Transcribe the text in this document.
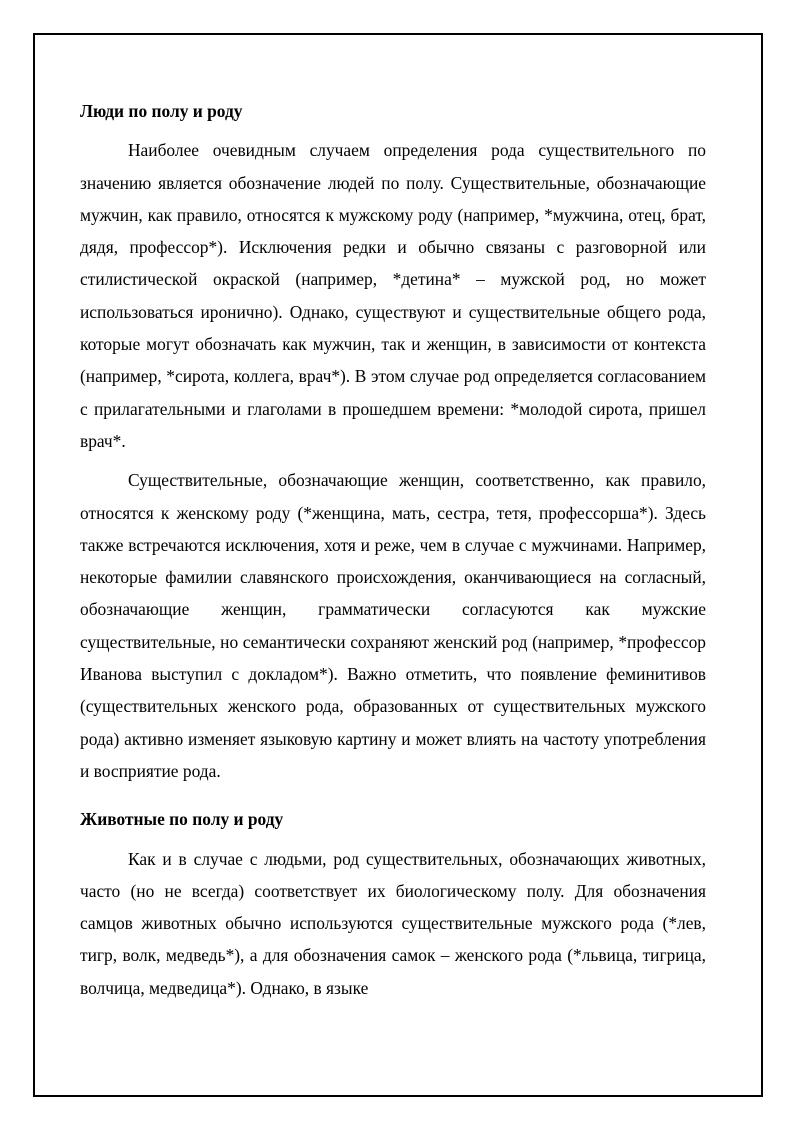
Люди по полу и роду

Наиболее очевидным случаем определения рода существительного по значению является обозначение людей по полу. Существительные, обозначающие мужчин, как правило, относятся к мужскому роду (например, *мужчина, отец, брат, дядя, профессор*). Исключения редки и обычно связаны с разговорной или стилистической окраской (например, *детина* – мужской род, но может использоваться иронично). Однако, существуют и существительные общего рода, которые могут обозначать как мужчин, так и женщин, в зависимости от контекста (например, *сирота, коллега, врач*). В этом случае род определяется согласованием с прилагательными и глаголами в прошедшем времени: *молодой сирота, пришел врач*.

Существительные, обозначающие женщин, соответственно, как правило, относятся к женскому роду (*женщина, мать, сестра, тетя, профессорша*). Здесь также встречаются исключения, хотя и реже, чем в случае с мужчинами. Например, некоторые фамилии славянского происхождения, оканчивающиеся на согласный, обозначающие женщин, грамматически согласуются как мужские существительные, но семантически сохраняют женский род (например, *профессор Иванова выступил с докладом*). Важно отметить, что появление феминитивов (существительных женского рода, образованных от существительных мужского рода) активно изменяет языковую картину и может влиять на частоту употребления и восприятие рода.

Животные по полу и роду

Как и в случае с людьми, род существительных, обозначающих животных, часто (но не всегда) соответствует их биологическому полу. Для обозначения самцов животных обычно используются существительные мужского рода (*лев, тигр, волк, медведь*), а для обозначения самок – женского рода (*львица, тигрица, волчица, медведица*). Однако, в языке
